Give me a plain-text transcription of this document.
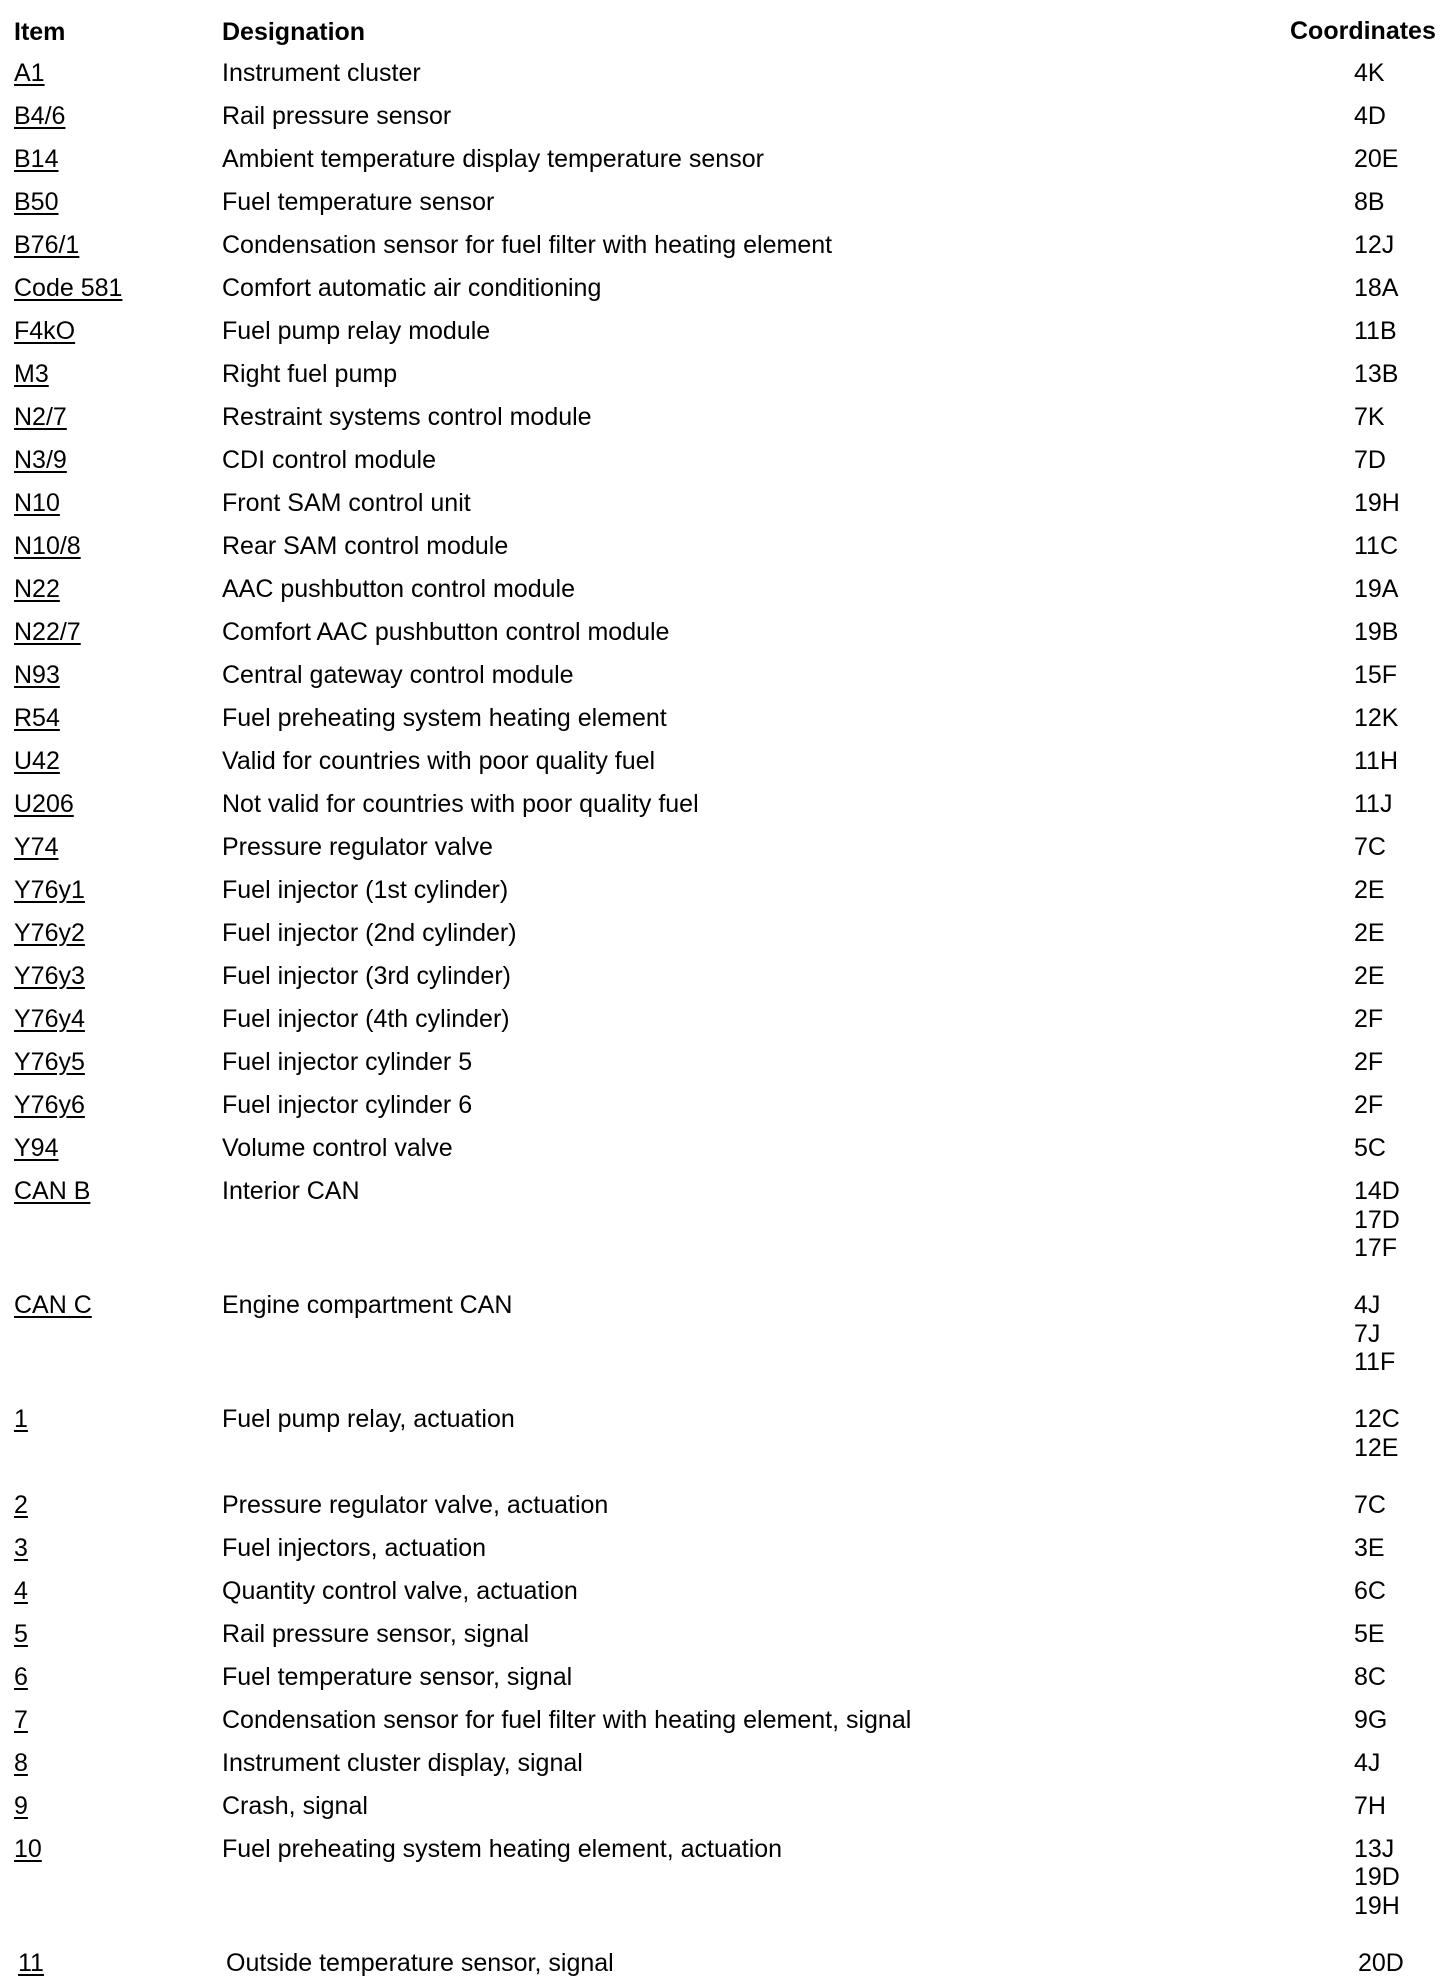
Item	Designation	Coordinates
A1	Instrument cluster	4K
B4/6	Rail pressure sensor	4D
B14	Ambient temperature display temperature sensor	20E
B50	Fuel temperature sensor	8B
B76/1	Condensation sensor for fuel filter with heating element	12J
Code 581	Comfort automatic air conditioning	18A
F4kO	Fuel pump relay module	11B
M3	Right fuel pump	13B
N2/7	Restraint systems control module	7K
N3/9	CDI control module	7D
N10	Front SAM control unit	19H
N10/8	Rear SAM control module	11C
N22	AAC pushbutton control module	19A
N22/7	Comfort AAC pushbutton control module	19B
N93	Central gateway control module	15F
R54	Fuel preheating system heating element	12K
U42	Valid for countries with poor quality fuel	11H
U206	Not valid for countries with poor quality fuel	11J
Y74	Pressure regulator valve	7C
Y76y1	Fuel injector (1st cylinder)	2E
Y76y2	Fuel injector (2nd cylinder)	2E
Y76y3	Fuel injector (3rd cylinder)	2E
Y76y4	Fuel injector (4th cylinder)	2F
Y76y5	Fuel injector cylinder 5	2F
Y76y6	Fuel injector cylinder 6	2F
Y94	Volume control valve	5C
CAN B	Interior CAN	14D
17D
17F
CAN C	Engine compartment CAN	4J
7J
11F
1	Fuel pump relay, actuation	12C
12E
2	Pressure regulator valve, actuation	7C
3	Fuel injectors, actuation	3E
4	Quantity control valve, actuation	6C
5	Rail pressure sensor, signal	5E
6	Fuel temperature sensor, signal	8C
7	Condensation sensor for fuel filter with heating element, signal	9G
8	Instrument cluster display, signal	4J
9	Crash, signal	7H
10	Fuel preheating system heating element, actuation	13J
19D
19H
11	Outside temperature sensor, signal	20D
